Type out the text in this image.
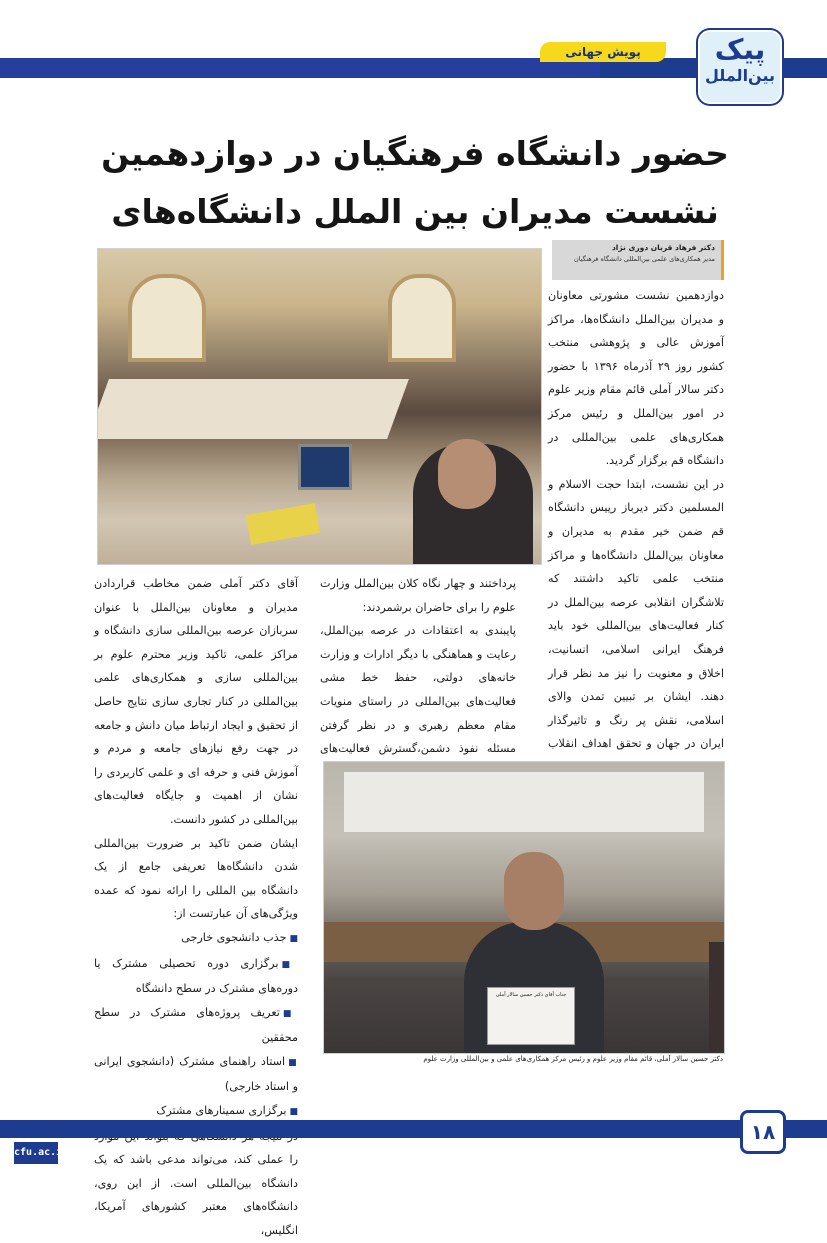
پویش جهانی	پیک
بین‌الملل
حضور دانشگاه فرهنگیان در دوازدهمین
نشست مدیران بین الملل دانشگاه‌های
دکتر فرهاد قربان دوری نژاد
مدیر همکاری‌های علمی بین‌المللی دانشگاه فرهنگیان

دوازدهمین نشست مشورتی معاونان و مدیران بین‌الملل دانشگاه‌ها، مراکز آموزش عالی و پژوهشی منتخب کشور روز ۲۹ آذرماه ۱۳۹۶ با حضور دکتر سالار آملی قائم مقام وزیر علوم در امور بین‌الملل و رئیس مرکز همکاری‌های علمی بین‌المللی در دانشگاه قم برگزار گردید.

در این نشست، ابتدا حجت الاسلام و المسلمین دکتر دیرباز رییس دانشگاه قم ضمن خیر مقدم به مدیران و معاونان بین‌الملل دانشگاه‌ها و مراکز منتخب علمی تاکید داشتند که تلاشگران انقلابی عرصه بین‌الملل در کنار فعالیت‌های بین‌المللی خود باید فرهنگ ایرانی اسلامی، انسانیت، اخلاق و معنویت را نیز مد نظر قرار دهند. ایشان بر تبیین تمدن والای اسلامی، نقش پر رنگ و تاثیرگذار ایران در جهان و تحقق اهداف انقلاب

پرداختند و چهار نگاه کلان بین‌الملل وزارت علوم را برای حاضران برشمردند:

پایبندی به اعتقادات در عرصه بین‌الملل، رعایت و هماهنگی با دیگر ادارات و وزارت خانه‌های دولتی، حفظ خط مشی فعالیت‌های بین‌المللی در راستای منویات مقام معظم رهبری و در نظر گرفتن مسئله نفوذ دشمن،گسترش فعالیت‌های

آقای دکتر آملی ضمن مخاطب قراردادن مدیران و معاونان بین‌الملل با عنوان سربازان عرصه بین‌المللی سازی دانشگاه و مراکز علمی، تاکید وزیر محترم علوم بر بین‌المللی سازی و همکاری‌های علمی بین‌المللی در کنار تجاری سازی نتایج حاصل از تحقیق و ایجاد ارتباط میان دانش و جامعه در جهت رفع نیازهای جامعه و مردم و آموزش فنی و حرفه ای و علمی کاربردی را نشان از اهمیت و جایگاه فعالیت‌های بین‌المللی در کشور دانست.

ایشان ضمن تاکید بر ضرورت بین‌المللی شدن دانشگاه‌ها تعریفی جامع از یک دانشگاه بین المللی را ارائه نمود که عمده ویژگی‌های آن عبارتست از:

■ جذب دانشجوی خارجی

■ برگزاری دوره تحصیلی مشترک یا دوره‌های مشترک در سطح دانشگاه

■ تعریف پروژه‌های مشترک در سطح محققین

■ استاد راهنمای مشترک (دانشجوی ایرانی و استاد خارجی)

■ برگزاری سمینارهای مشترک

را عملی کند، می‌تواند مدعی باشد که یک دانشگاه بین‌المللی است. از این روی، دانشگاه‌های معتبر کشورهای آمریکا، انگلیس،

جناب آقای دکتر حسین سالار آملی
دکتر حسین سالار آملی، قائم مقام وزیر علوم و رئیس مرکز همکاری‌های علمی و بین‌المللی وزارت علوم
۱۸
cfu.ac.ir
